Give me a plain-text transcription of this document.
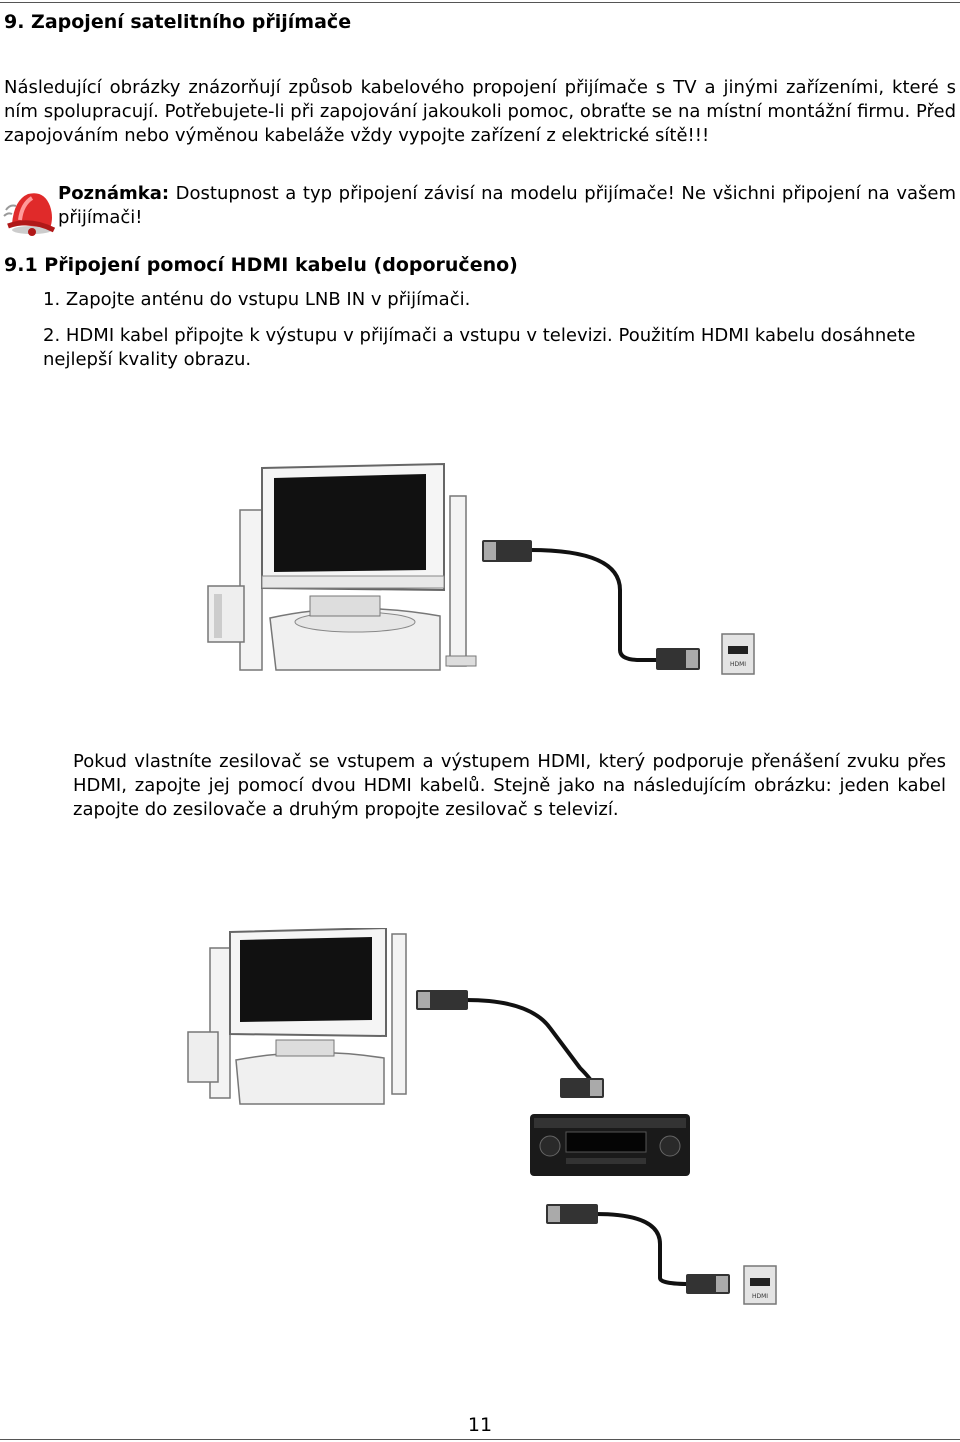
9. Zapojení satelitního přijímače
Následující obrázky znázorňují způsob kabelového propojení přijímače s TV a jinými zařízeními, které s ním spolupracují. Potřebujete-li při zapojování jakoukoli pomoc, obraťte se na místní montážní firmu. Před zapojováním nebo výměnou kabeláže vždy vypojte zařízení z elektrické sítě!!!
Poznámka: Dostupnost a typ připojení závisí na modelu přijímače! Ne všichni připojení na vašem přijímači!
9.1 Připojení pomocí HDMI kabelu (doporučeno)
1. Zapojte anténu do vstupu LNB IN v přijímači.
2. HDMI kabel připojte k výstupu v přijímači a vstupu v televizi. Použitím HDMI kabelu dosáhnete nejlepší kvality obrazu.
HDMI
Pokud vlastníte zesilovač se vstupem a výstupem HDMI, který podporuje přenášení zvuku přes HDMI, zapojte jej pomocí dvou HDMI kabelů. Stejně jako na následujícím obrázku: jeden kabel zapojte do zesilovače a druhým propojte zesilovač s televizí.
HDMI
11
